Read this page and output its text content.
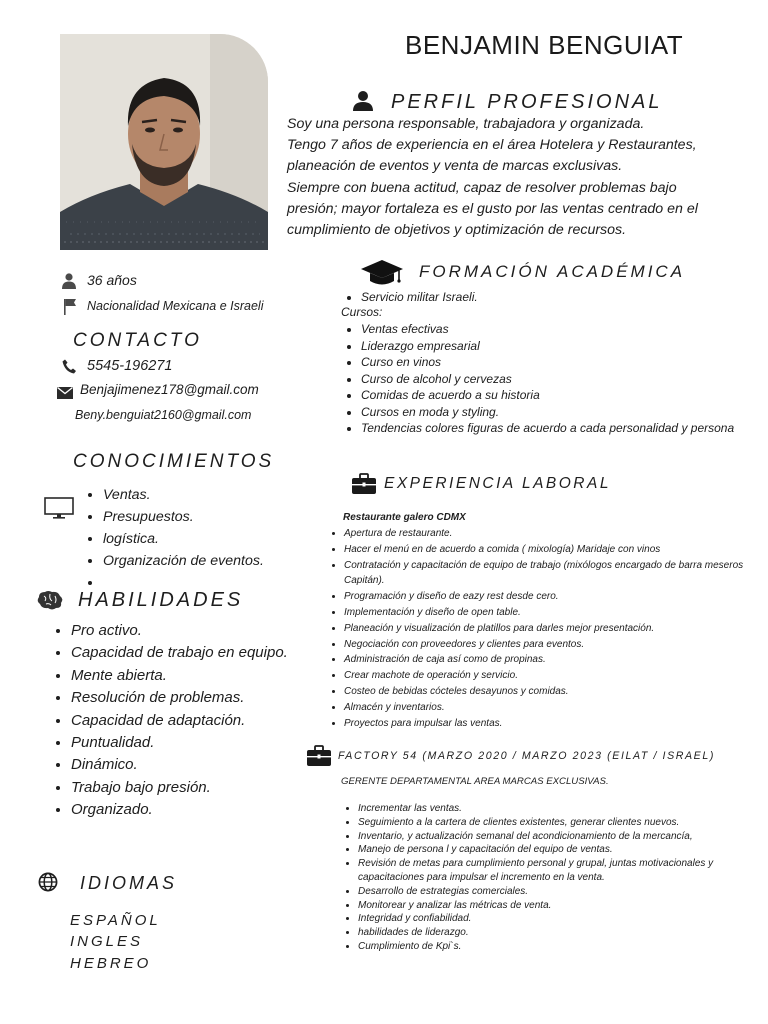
BENJAMIN BENGUIAT
PERFIL PROFESIONAL
Soy una persona responsable, trabajadora y organizada.
Tengo 7 años de experiencia en el área Hotelera y Restaurantes,
planeación de eventos y venta de marcas exclusivas.
Siempre con buena actitud, capaz de resolver problemas bajo
presión; mayor fortaleza es el gusto por las ventas centrado en el
cumplimiento de objetivos y optimización de recursos.
36 años
Nacionalidad Mexicana e Israeli
CONTACTO
5545-196271
Benjajimenez178@gmail.com
Beny.benguiat2160@gmail.com
CONOCIMIENTOS
• Ventas.
• Presupuestos.
• logística.
• Organización de eventos.
•
HABILIDADES
• Pro activo.
• Capacidad de trabajo en equipo.
• Mente abierta.
• Resolución de problemas.
• Capacidad de adaptación.
• Puntualidad.
• Dinámico.
• Trabajo bajo presión.
• Organizado.
IDIOMAS
ESPAÑOL
INGLES
HEBREO
FORMACIÓN ACADÉMICA
• Servicio militar Israeli.
Cursos:
• Ventas efectivas
• Liderazgo empresarial
• Curso en vinos
• Curso de alcohol y cervezas
• Comidas de acuerdo a su historia
• Cursos en moda y styling.
• Tendencias colores figuras de acuerdo a cada personalidad y persona
EXPERIENCIA LABORAL
Restaurante galero CDMX
• Apertura de restaurante.
• Hacer el menú en de acuerdo a comida ( mixología) Maridaje con vinos
• Contratación y capacitación de equipo de trabajo (mixólogos encargado de barra meseros Capitán).
• Programación y diseño de eazy rest desde cero.
• Implementación y diseño de open table.
• Planeación y visualización de platillos para darles mejor presentación.
• Negociación con proveedores y clientes para eventos.
• Administración de caja así como de propinas.
• Crear machote de operación y servicio.
• Costeo de bebidas cócteles desayunos y comidas.
• Almacén y inventarios.
• Proyectos para impulsar las ventas.
FACTORY 54 (MARZO 2020 / MARZO 2023 (EILAT / ISRAEL)
GERENTE DEPARTAMENTAL AREA MARCAS EXCLUSIVAS.
• Incrementar las ventas.
• Seguimiento a la cartera de clientes existentes, generar clientes nuevos.
• Inventario, y actualización semanal del acondicionamiento de la mercancía,
• Manejo de persona l y capacitación del equipo de ventas.
• Revisión de metas para cumplimiento personal y grupal, juntas motivacionales y capacitaciones para impulsar el incremento en la venta.
• Desarrollo de estrategias comerciales.
• Monitorear y analizar las métricas de venta.
• Integridad y confiabilidad.
• habilidades de liderazgo.
• Cumplimiento de Kpi`s.
